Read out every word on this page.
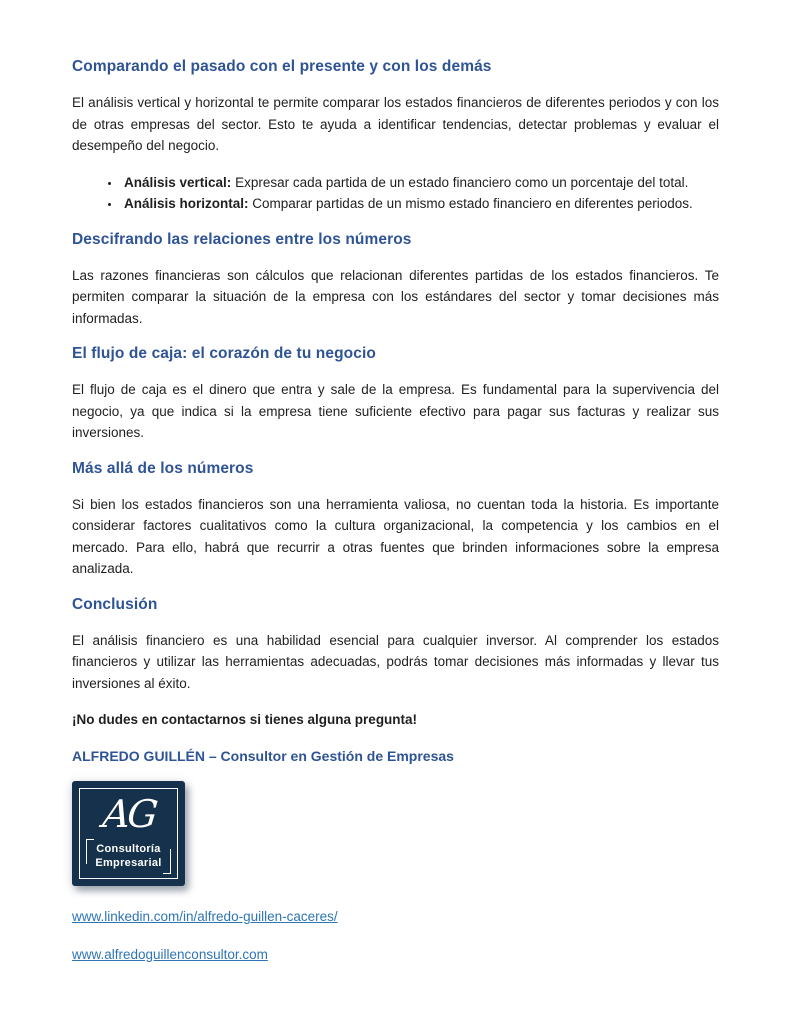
Comparando el pasado con el presente y con los demás

El análisis vertical y horizontal te permite comparar los estados financieros de diferentes periodos y con los de otras empresas del sector. Esto te ayuda a identificar tendencias, detectar problemas y evaluar el desempeño del negocio.

• Análisis vertical: Expresar cada partida de un estado financiero como un porcentaje del total.
• Análisis horizontal: Comparar partidas de un mismo estado financiero en diferentes periodos.
Descifrando las relaciones entre los números

Las razones financieras son cálculos que relacionan diferentes partidas de los estados financieros. Te permiten comparar la situación de la empresa con los estándares del sector y tomar decisiones más informadas.

El flujo de caja: el corazón de tu negocio

El flujo de caja es el dinero que entra y sale de la empresa. Es fundamental para la supervivencia del negocio, ya que indica si la empresa tiene suficiente efectivo para pagar sus facturas y realizar sus inversiones.

Más allá de los números

Si bien los estados financieros son una herramienta valiosa, no cuentan toda la historia. Es importante considerar factores cualitativos como la cultura organizacional, la competencia y los cambios en el mercado. Para ello, habrá que recurrir a otras fuentes que brinden informaciones sobre la empresa analizada.

Conclusión

El análisis financiero es una habilidad esencial para cualquier inversor. Al comprender los estados financieros y utilizar las herramientas adecuadas, podrás tomar decisiones más informadas y llevar tus inversiones al éxito.

¡No dudes en contactarnos si tienes alguna pregunta!

ALFREDO GUILLÉN – Consultor en Gestión de Empresas

AG
Consultoría
Empresarial
www.linkedin.com/in/alfredo-guillen-caceres/
www.alfredoguillenconsultor.com
